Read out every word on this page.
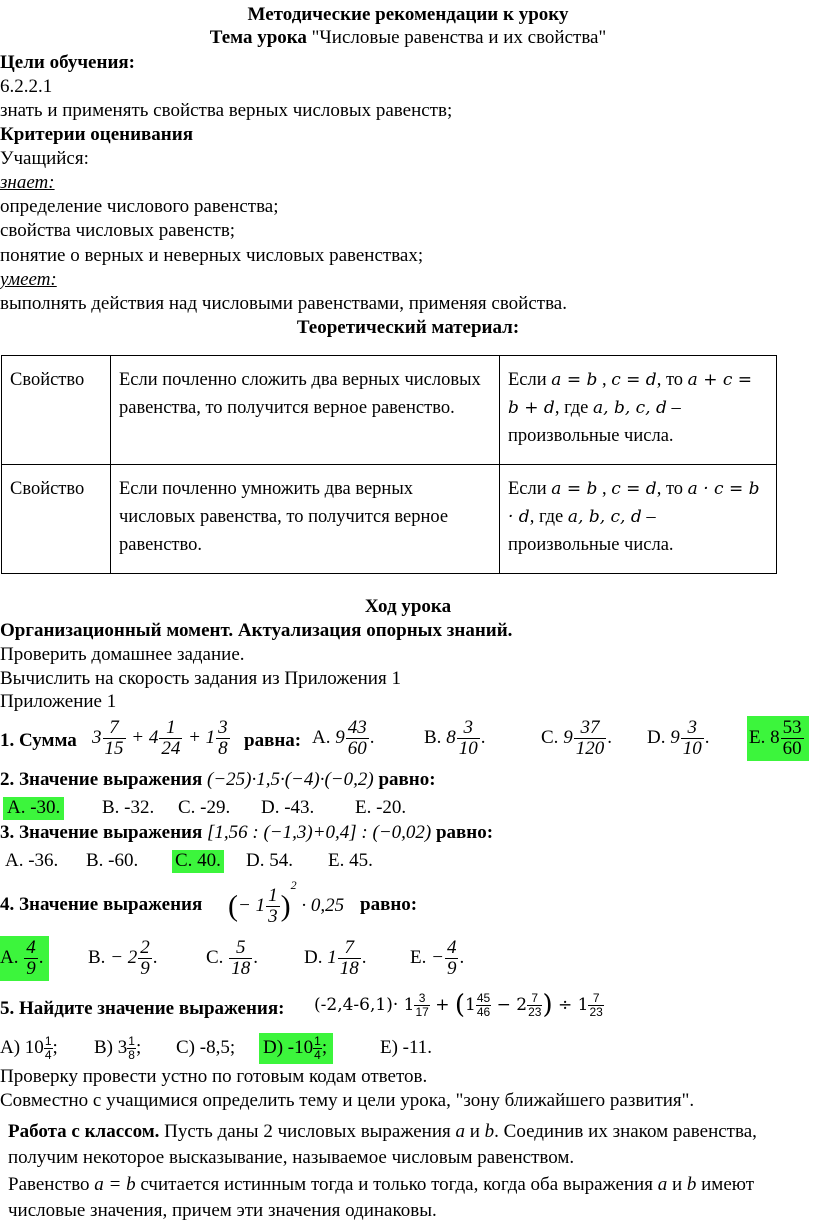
Методические рекомендации к уроку
Тема урока "Числовые равенства и их свойства"
Цели обучения:
6.2.2.1
знать и применять свойства верных числовых равенств;
Критерии оценивания
Учащийся:
знает:
определение числового равенства;
свойства числовых равенств;
понятие о верных и неверных числовых равенствах;
умеет:
выполнять действия над числовыми равенствами, применяя свойства.
Теоретический материал:
Свойство	Если почленно сложить два верных числовых равенства, то получится верное равенство.	Если a = b , c = d, то a + c = b + d, где a, b, c, d – произвольные числа.
Свойство	Если почленно умножить два верных числовых равенства, то получится верное равенство.	Если a = b , c = d, то a · c = b · d, где a, b, c, d – произвольные числа.
Ход урока
Организационный момент. Актуализация опорных знаний.
Проверить домашнее задание.
Вычислить на скорость задания из Приложения 1
Приложение 1
1. Сумма $3 \frac{7}{15} + 4 \frac{1}{24} + 1 \frac{3}{8}$ равна: А. $9 \frac{43}{60}$ .	В. $8 \frac{3}{10}$ .	С. $9 \frac{37}{120}$ . D. $9 \frac{3}{10}$ . Е. $8 \frac{53}{60}$
2. Значение выражения (−25)·1,5·(−4)·(−0,2) равно:
А. -30. В. -32. С. -29. D. -43. Е. -20.
3. Значение выражения [1,56 : (−1,3)+0,4] : (−0,02) равно:
А. -36. В. -60. С. 40. D. 54. Е. 45.
4. Значение выражения (− $1 \frac{1}{3} )^2 \cdot 0,25$ равно:
А. $\frac{4}{9}$ .	В. − $2 \frac{2}{9}$ .	С. $\frac{5}{18}$ . D. $1 \frac{7}{18}$ . Е. − $\frac{4}{9}$ .
5. Найдите значение выражения: $(-2,4-6,1)\cdot 1 \frac{3}{17} + (1 \frac{45}{46} - 2 \frac{7}{23}$ ) ÷ $1 \frac{7}{23}$
А) $10 \frac{1}{4}$ ; В) $3 \frac{1}{8}$ ; С) -8,5; D) $-10 \frac{1}{4}$ ;	Е) -11.
Проверку провести устно по готовым кодам ответов.
Совместно с учащимися определить тему и цели урока, "зону ближайшего развития".
Работа с классом. Пусть даны 2 числовых выражения a и b. Соединив их знаком равенства, получим некоторое высказывание, называемое числовым равенством.
Равенство a = b считается истинным тогда и только тогда, когда оба выражения a и b имеют числовые значения, причем эти значения одинаковы.
